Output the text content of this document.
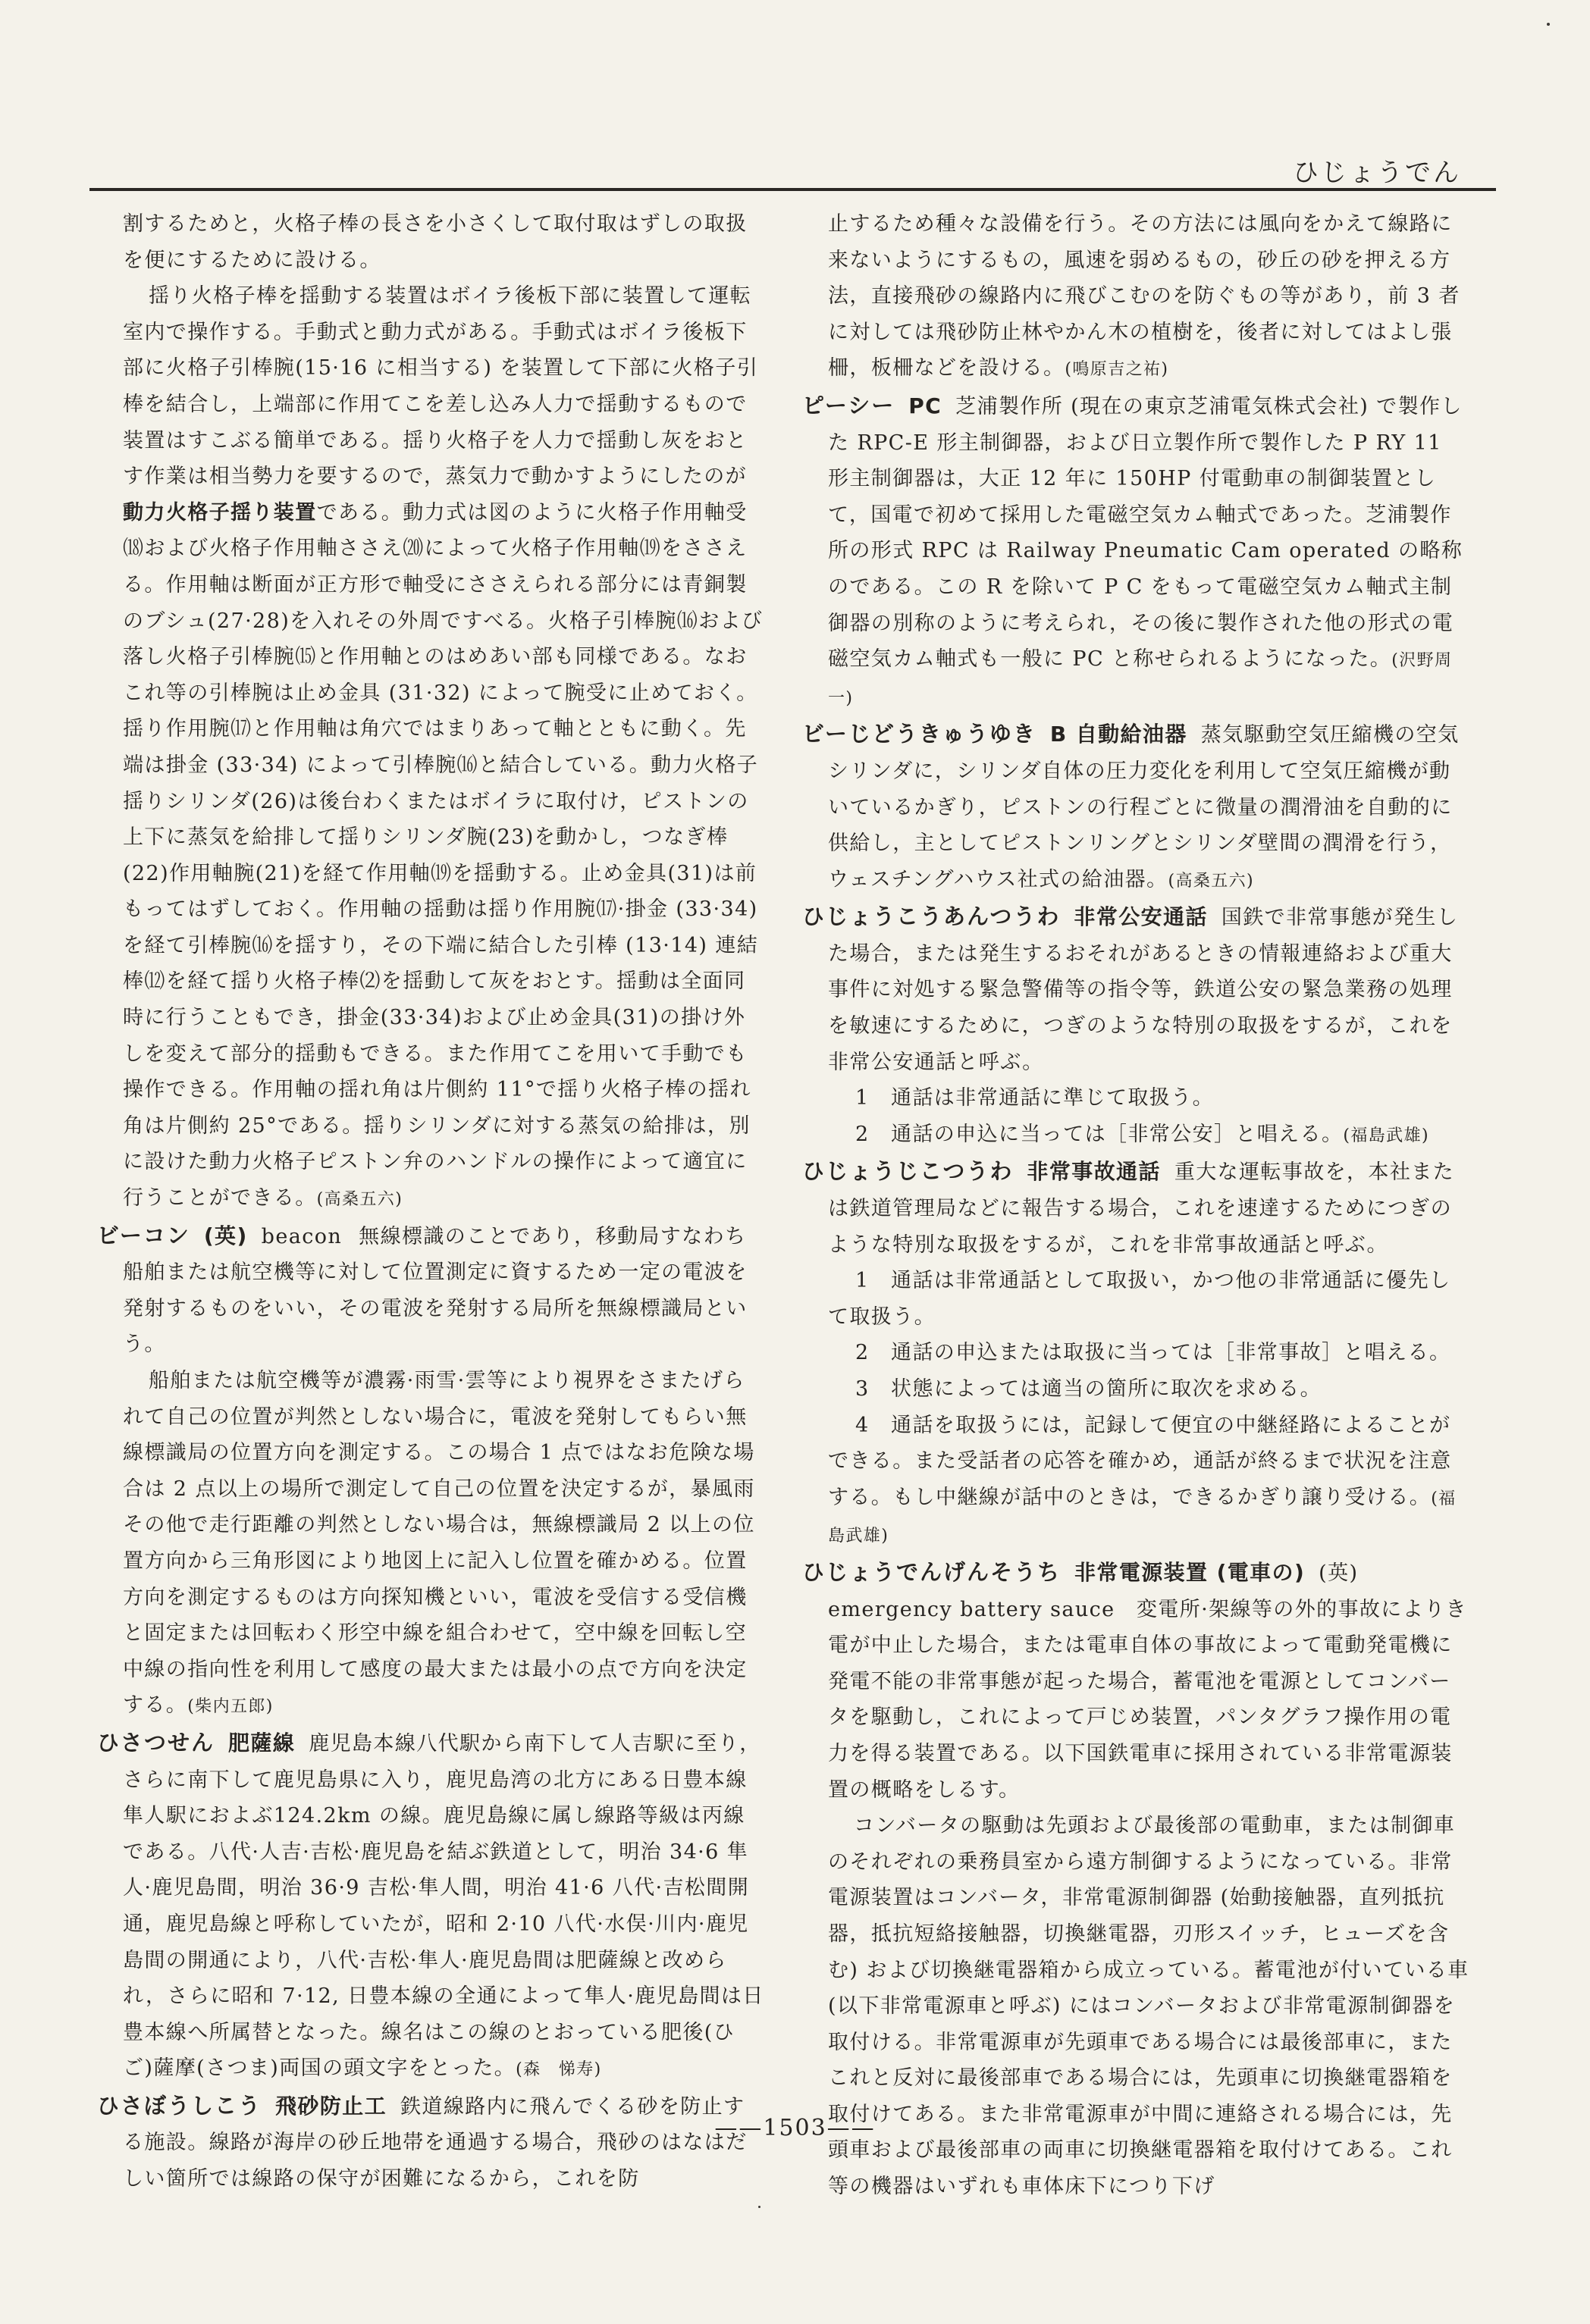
ひじょうでん

割するためと，火格子棒の長さを小さくして取付取はずしの取扱を便にするために設ける。

揺り火格子棒を揺動する装置はボイラ後板下部に装置して運転室内で操作する。手動式と動力式がある。手動式はボイラ後板下部に火格子引棒腕(15·16 に相当する) を装置して下部に火格子引棒を結合し，上端部に作用てこを差し込み人力で揺動するもので装置はすこぶる簡単である。揺り火格子を人力で揺動し灰をおとす作業は相当勢力を要するので，蒸気力で動かすようにしたのが動力火格子揺り装置である。動力式は図のように火格子作用軸受⒅および火格子作用軸ささえ⒇によって火格子作用軸⒆をささえる。作用軸は断面が正方形で軸受にささえられる部分には青銅製のブシュ(27·28)を入れその外周ですべる。火格子引棒腕⒃および落し火格子引棒腕⒂と作用軸とのはめあい部も同様である。なおこれ等の引棒腕は止め金具 (31·32) によって腕受に止めておく。揺り作用腕⒄と作用軸は角穴ではまりあって軸とともに動く。先端は掛金 (33·34) によって引棒腕⒃と結合している。動力火格子揺りシリンダ(26)は後台わくまたはボイラに取付け，ピストンの上下に蒸気を給排して揺りシリンダ腕(23)を動かし，つなぎ棒(22)作用軸腕(21)を経て作用軸⒆を揺動する。止め金具(31)は前もってはずしておく。作用軸の揺動は揺り作用腕⒄·掛金 (33·34) を経て引棒腕⒃を揺すり，その下端に結合した引棒 (13·14) 連結棒⑿を経て揺り火格子棒⑵を揺動して灰をおとす。揺動は全面同時に行うこともでき，掛金(33·34)および止め金具(31)の掛け外しを変えて部分的揺動もできる。また作用てこを用いて手動でも操作できる。作用軸の揺れ角は片側約 11°で揺り火格子棒の揺れ角は片側約 25°である。揺りシリンダに対する蒸気の給排は，別に設けた動力火格子ピストン弁のハンドルの操作によって適宜に行うことができる。(高桑五六)

ビーコン (英) beacon 無線標識のことであり，移動局すなわち船舶または航空機等に対して位置測定に資するため一定の電波を発射するものをいい，その電波を発射する局所を無線標識局という。

船舶または航空機等が濃霧·雨雪·雲等により視界をさまたげられて自己の位置が判然としない場合に，電波を発射してもらい無線標識局の位置方向を測定する。この場合 1 点ではなお危険な場合は 2 点以上の場所で測定して自己の位置を決定するが，暴風雨その他で走行距離の判然としない場合は，無線標識局 2 以上の位置方向から三角形図により地図上に記入し位置を確かめる。位置方向を測定するものは方向探知機といい，電波を受信する受信機と固定または回転わく形空中線を組合わせて，空中線を回転し空中線の指向性を利用して感度の最大または最小の点で方向を決定する。(柴内五郎)

ひさつせん 肥薩線 鹿児島本線八代駅から南下して人吉駅に至り，さらに南下して鹿児島県に入り，鹿児島湾の北方にある日豊本線隼人駅におよぶ124.2km の線。鹿児島線に属し線路等級は丙線である。八代·人吉·吉松·鹿児島を結ぶ鉄道として，明治 34·6 隼人·鹿児島間，明治 36·9 吉松·隼人間，明治 41·6 八代·吉松間開通，鹿児島線と呼称していたが，昭和 2·10 八代·水俣·川内·鹿児島間の開通により，八代·吉松·隼人·鹿児島間は肥薩線と改められ，さらに昭和 7·12, 日豊本線の全通によって隼人·鹿児島間は日豊本線へ所属替となった。線名はこの線のとおっている肥後(ひご)薩摩(さつま)両国の頭文字をとった。(森　悌寿)

ひさぼうしこう 飛砂防止工 鉄道線路内に飛んでくる砂を防止する施設。線路が海岸の砂丘地帯を通過する場合，飛砂のはなはだしい箇所では線路の保守が困難になるから，これを防

止するため種々な設備を行う。その方法には風向をかえて線路に来ないようにするもの，風速を弱めるもの，砂丘の砂を押える方法，直接飛砂の線路内に飛びこむのを防ぐもの等があり，前 3 者に対しては飛砂防止林やかん木の植樹を，後者に対してはよし張柵，板柵などを設ける。(鳴原吉之祐)

ピーシー PC 芝浦製作所 (現在の東京芝浦電気株式会社) で製作した RPC-E 形主制御器，および日立製作所で製作した P RY 11 形主制御器は，大正 12 年に 150HP 付電動車の制御装置として，国電で初めて採用した電磁空気カム軸式であった。芝浦製作所の形式 RPC は Railway Pneumatic Cam operated の略称のである。この R を除いて P C をもって電磁空気カム軸式主制御器の別称のように考えられ，その後に製作された他の形式の電磁空気カム軸式も一般に PC と称せられるようになった。(沢野周一)

ビーじどうきゅうゆき B 自動給油器 蒸気駆動空気圧縮機の空気シリンダに，シリンダ自体の圧力変化を利用して空気圧縮機が動いているかぎり，ピストンの行程ごとに微量の潤滑油を自動的に供給し，主としてピストンリングとシリンダ壁間の潤滑を行う，ウェスチングハウス社式の給油器。(高桑五六)

ひじょうこうあんつうわ 非常公安通話 国鉄で非常事態が発生した場合，または発生するおそれがあるときの情報連絡および重大事件に対処する緊急警備等の指令等，鉄道公安の緊急業務の処理を敏速にするために，つぎのような特別の取扱をするが，これを非常公安通話と呼ぶ。

1　通話は非常通話に準じて取扱う。

2　通話の申込に当っては［非常公安］と唱える。(福島武雄)

ひじょうじこつうわ 非常事故通話 重大な運転事故を，本社または鉄道管理局などに報告する場合，これを速達するためにつぎのような特別な取扱をするが，これを非常事故通話と呼ぶ。

1　通話は非常通話として取扱い，かつ他の非常通話に優先して取扱う。

2　通話の申込または取扱に当っては［非常事故］と唱える。

3　状態によっては適当の箇所に取次を求める。

4　通話を取扱うには，記録して便宜の中継経路によることができる。また受話者の応答を確かめ，通話が終るまで状況を注意する。もし中継線が話中のときは，できるかぎり譲り受ける。(福島武雄)

ひじょうでんげんそうち 非常電源装置 (電車の) (英)

emergency battery sauce　変電所·架線等の外的事故によりき電が中止した場合，または電車自体の事故によって電動発電機に発電不能の非常事態が起った場合，蓄電池を電源としてコンバータを駆動し，これによって戸じめ装置，パンタグラフ操作用の電力を得る装置である。以下国鉄電車に採用されている非常電源装置の概略をしるす。

コンバータの駆動は先頭および最後部の電動車，または制御車のそれぞれの乗務員室から遠方制御するようになっている。非常電源装置はコンバータ，非常電源制御器 (始動接触器，直列抵抗器，抵抗短絡接触器，切換継電器，刃形スイッチ，ヒューズを含む) および切換継電器箱から成立っている。蓄電池が付いている車 (以下非常電源車と呼ぶ) にはコンバータおよび非常電源制御器を取付ける。非常電源車が先頭車である場合には最後部車に，またこれと反対に最後部車である場合には，先頭車に切換継電器箱を取付けてある。また非常電源車が中間に連絡される場合には，先頭車および最後部車の両車に切換継電器箱を取付けてある。これ等の機器はいずれも車体床下につり下げ

——1503——
